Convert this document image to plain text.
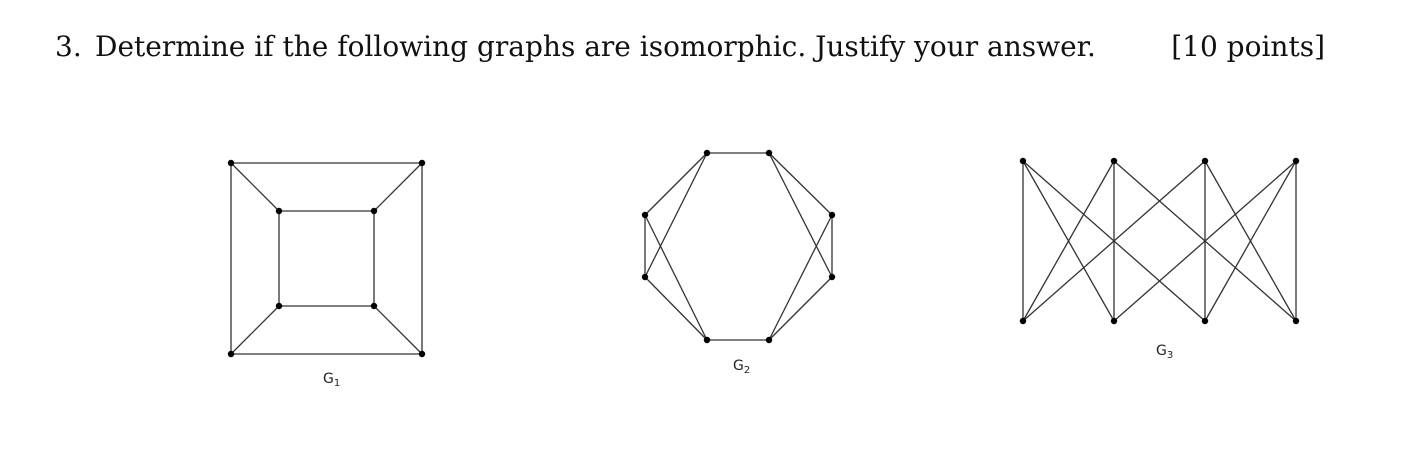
3. Determine if the following graphs are isomorphic. Justify your answer.	[10 points]
$G_1$
$G_2$
$G_3$
